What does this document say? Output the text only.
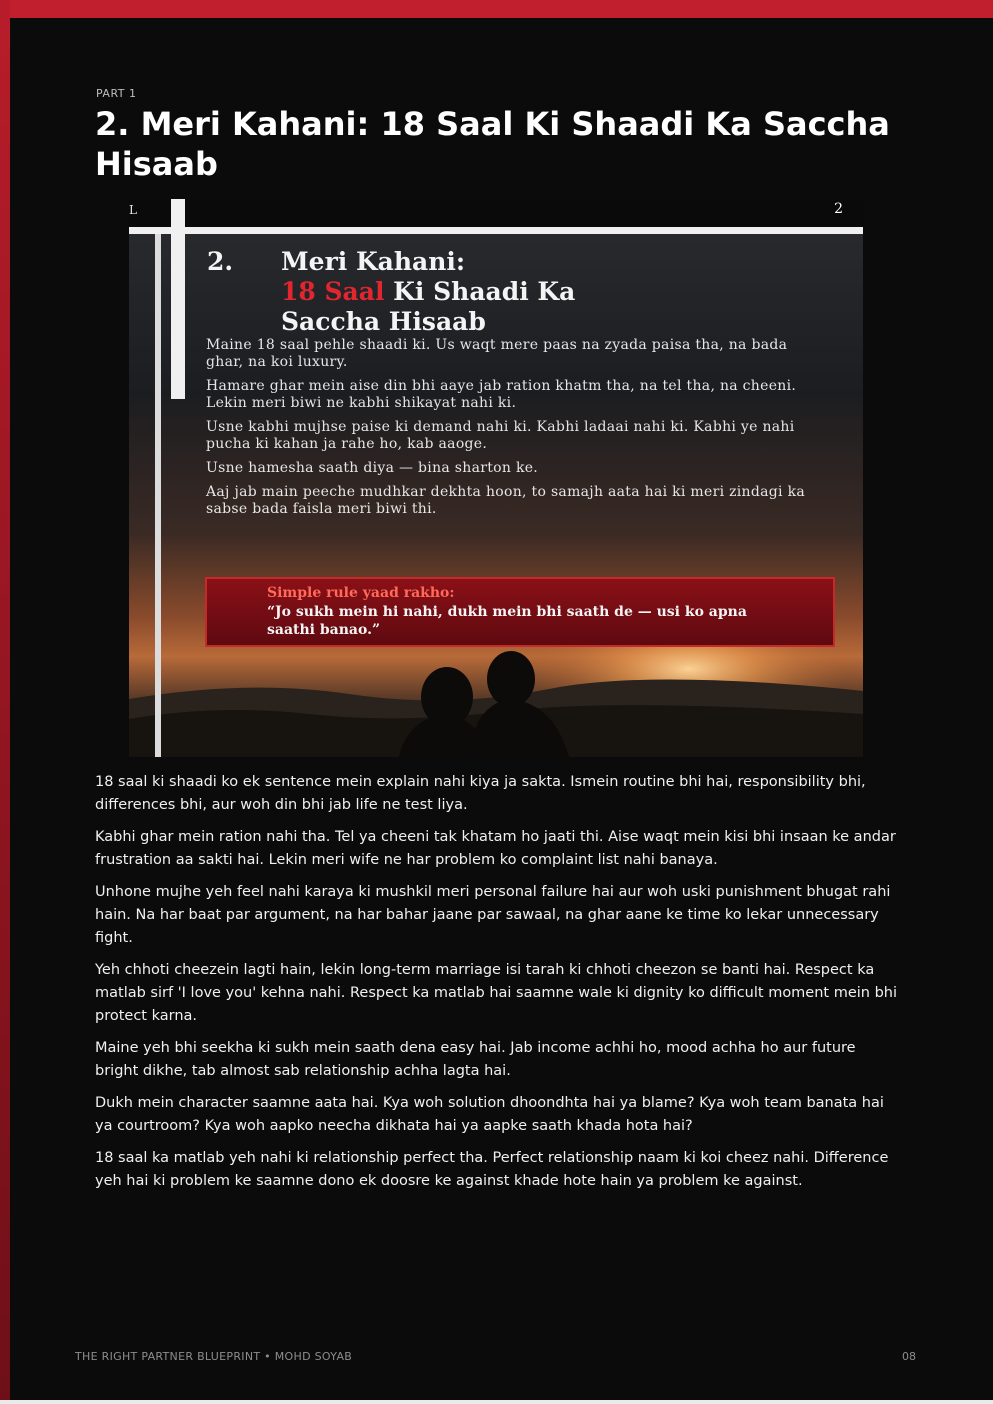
PART 1
2. Meri Kahani: 18 Saal Ki Shaadi Ka Saccha Hisaab
L	2
2. Meri Kahani:
18 Saal Ki Shaadi Ka
Saccha Hisaab

Maine 18 saal pehle shaadi ki. Us waqt mere paas na zyada paisa tha, na bada ghar, na koi luxury.

Hamare ghar mein aise din bhi aaye jab ration khatm tha, na tel tha, na cheeni. Lekin meri biwi ne kabhi shikayat nahi ki.

Usne kabhi mujhse paise ki demand nahi ki. Kabhi ladaai nahi ki. Kabhi ye nahi pucha ki kahan ja rahe ho, kab aaoge.

Usne hamesha saath diya — bina sharton ke.

Aaj jab main peeche mudhkar dekhta hoon, to samajh aata hai ki meri zindagi ka sabse bada faisla meri biwi thi.

Simple rule yaad rakho:
“Jo sukh mein hi nahi, dukh mein bhi saath de — usi ko apna saathi banao.”

18 saal ki shaadi ko ek sentence mein explain nahi kiya ja sakta. Ismein routine bhi hai, responsibility bhi, differences bhi, aur woh din bhi jab life ne test liya.

Kabhi ghar mein ration nahi tha. Tel ya cheeni tak khatam ho jaati thi. Aise waqt mein kisi bhi insaan ke andar frustration aa sakti hai. Lekin meri wife ne har problem ko complaint list nahi banaya.

Unhone mujhe yeh feel nahi karaya ki mushkil meri personal failure hai aur woh uski punishment bhugat rahi hain. Na har baat par argument, na har bahar jaane par sawaal, na ghar aane ke time ko lekar unnecessary fight.

Yeh chhoti cheezein lagti hain, lekin long-term marriage isi tarah ki chhoti cheezon se banti hai. Respect ka matlab sirf 'I love you' kehna nahi. Respect ka matlab hai saamne wale ki dignity ko difficult moment mein bhi protect karna.

Maine yeh bhi seekha ki sukh mein saath dena easy hai. Jab income achhi ho, mood achha ho aur future bright dikhe, tab almost sab relationship achha lagta hai.

Dukh mein character saamne aata hai. Kya woh solution dhoondhta hai ya blame? Kya woh team banata hai ya courtroom? Kya woh aapko neecha dikhata hai ya aapke saath khada hota hai?

18 saal ka matlab yeh nahi ki relationship perfect tha. Perfect relationship naam ki koi cheez nahi. Difference yeh hai ki problem ke saamne dono ek doosre ke against khade hote hain ya problem ke against.

THE RIGHT PARTNER BLUEPRINT • MOHD SOYAB	08
